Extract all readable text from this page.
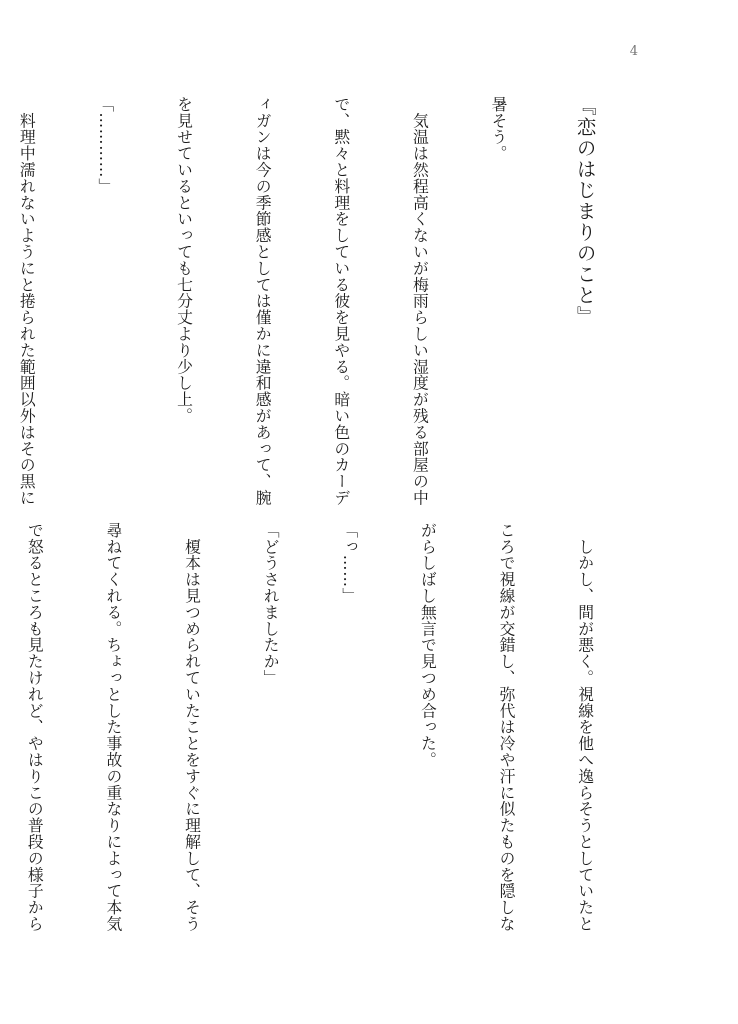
4

『恋のはじまりのこと』

暑そう。

　気温は然程高くないが梅雨らしい湿度が残る部屋の中

で、黙々と料理をしている彼を見やる。暗い色のカーデ

ィガンは今の季節感としては僅かに違和感があって、腕

を見せているといっても七分丈より少し上。

「…………」

　料理中濡れないようにと捲られた範囲以外はその黒に

　しかし、間が悪く。視線を他へ逸らそうとしていたと

ころで視線が交錯し、弥代は冷や汗に似たものを隠しな

がらしばし無言で見つめ合った。

「っ……」

「どうされましたか」

　榎本は見つめられていたことをすぐに理解して、そう

尋ねてくれる。ちょっとした事故の重なりによって本気

で怒るところも見たけれど、やはりこの普段の様子から
